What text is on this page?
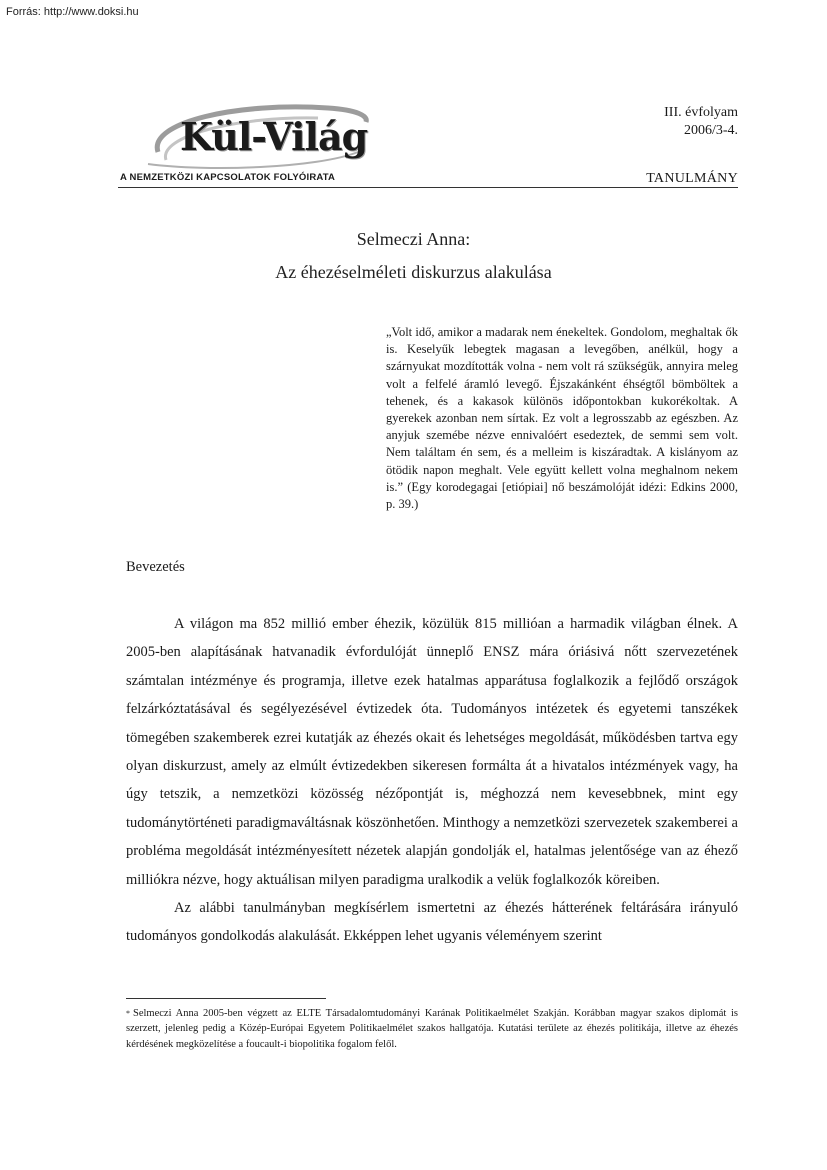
Forrás: http://www.doksi.hu
Kül-Világ
A NEMZETKÖZI KAPCSOLATOK FOLYÓIRATA
III. évfolyam
2006/3-4.
TANULMÁNY
Selmeczi Anna:
Az éhezéselméleti diskurzus alakulása
„Volt idő, amikor a madarak nem énekeltek. Gondolom, meghaltak ők is. Keselyűk lebegtek magasan a levegőben, anélkül, hogy a szárnyukat mozdították volna - nem volt rá szükségük, annyira meleg volt a felfelé áramló levegő. Éjszakánként éhségtől bömböltek a tehenek, és a kakasok különös időpontokban kukorékoltak. A gyerekek azonban nem sírtak. Ez volt a legrosszabb az egészben. Az anyjuk szemébe nézve ennivalóért esedeztek, de semmi sem volt. Nem találtam én sem, és a melleim is kiszáradtak. A kislányom az ötödik napon meghalt. Vele együtt kellett volna meghalnom nekem is.” (Egy korodegagai [etiópiai] nő beszámolóját idézi: Edkins 2000, p. 39.)
Bevezetés

A világon ma 852 millió ember éhezik, közülük 815 millióan a harmadik világban élnek. A 2005-ben alapításának hatvanadik évfordulóját ünneplő ENSZ mára óriásivá nőtt szervezetének számtalan intézménye és programja, illetve ezek hatalmas apparátusa foglalkozik a fejlődő országok felzárkóztatásával és segélyezésével évtizedek óta. Tudományos intézetek és egyetemi tanszékek tömegében szakemberek ezrei kutatják az éhezés okait és lehetséges megoldását, működésben tartva egy olyan diskurzust, amely az elmúlt évtizedekben sikeresen formálta át a hivatalos intézmények vagy, ha úgy tetszik, a nemzetközi közösség nézőpontját is, méghozzá nem kevesebbnek, mint egy tudománytörténeti paradigmaváltásnak köszönhetően. Minthogy a nemzetközi szervezetek szakemberei a probléma megoldását intézményesített nézetek alapján gondolják el, hatalmas jelentősége van az éhező milliókra nézve, hogy aktuálisan milyen paradigma uralkodik a velük foglalkozók köreiben.

Az alábbi tanulmányban megkísérlem ismertetni az éhezés hátterének feltárására irányuló tudományos gondolkodás alakulását. Ekképpen lehet ugyanis véleményem szerint

* Selmeczi Anna 2005-ben végzett az ELTE Társadalomtudományi Karának Politikaelmélet Szakján. Korábban magyar szakos diplomát is szerzett, jelenleg pedig a Közép-Európai Egyetem Politikaelmélet szakos hallgatója. Kutatási területe az éhezés politikája, illetve az éhezés kérdésének megközelítése a foucault-i biopolitika fogalom felől.
